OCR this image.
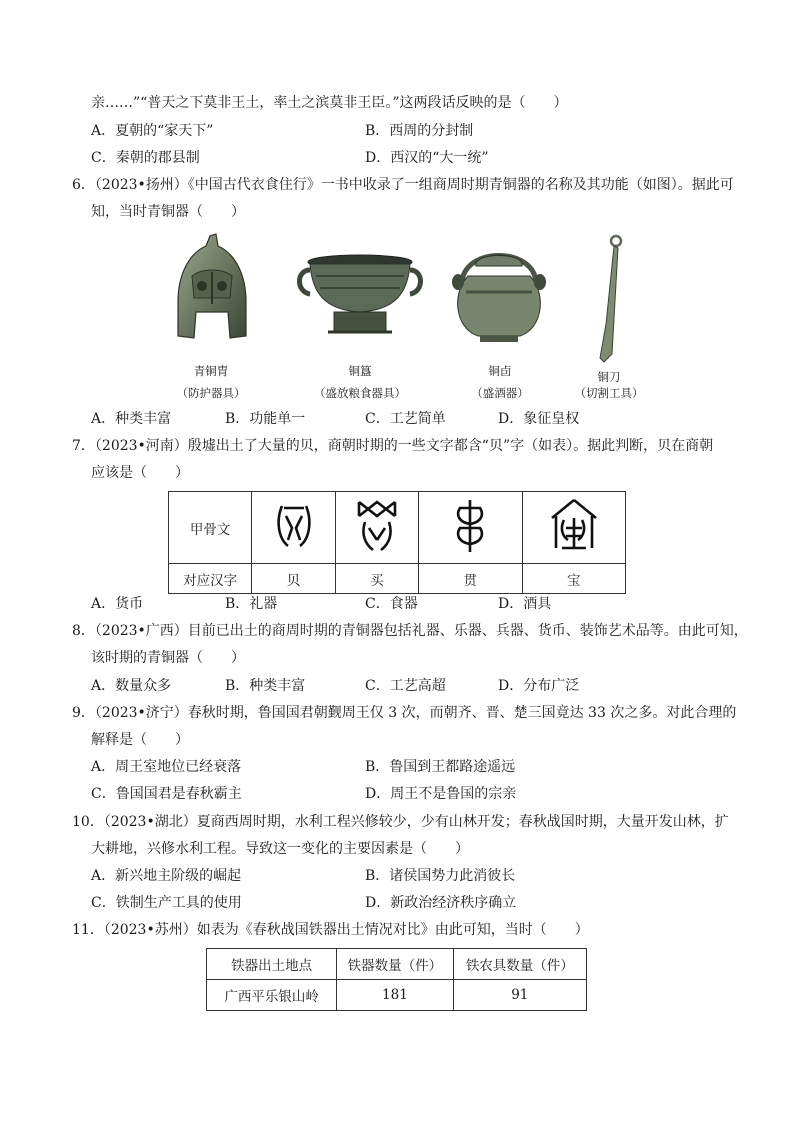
亲……”“普天之下莫非王土，率土之滨莫非王臣。”这两段话反映的是（　　）
A．夏朝的“家天下”	B．西周的分封制
C．秦朝的郡县制	D．西汉的“大一统”
6．（2023•扬州）《中国古代衣食住行》一书中收录了一组商周时期青铜器的名称及其功能（如图）。据此可
知，当时青铜器（　　）
青铜胄
（防护器具）
铜簋
（盛放粮食器具）
铜卣
（盛酒器）
铜刀
（切割工具）
A．种类丰富	B．功能单一	C．工艺简单	D．象征皇权
7．（2023•河南）殷墟出土了大量的贝，商朝时期的一些文字都含“贝”字（如表）。据此判断，贝在商朝
应该是（　　）
甲骨文				
对应汉字	贝	买	贯	宝
A．货币	B．礼器	C．食器	D．酒具
8．（2023•广西）目前已出土的商周时期的青铜器包括礼器、乐器、兵器、货币、装饰艺术品等。由此可知，
该时期的青铜器（　　）
A．数量众多	B．种类丰富	C．工艺高超	D．分布广泛
9．（2023•济宁）春秋时期，鲁国国君朝觐周王仅 3 次，而朝齐、晋、楚三国竟达 33 次之多。对此合理的
解释是（　　）
A．周王室地位已经衰落	B．鲁国到王都路途遥远
C．鲁国国君是春秋霸主	D．周王不是鲁国的宗亲
10．（2023•湖北）夏商西周时期，水利工程兴修较少，少有山林开发；春秋战国时期，大量开发山林，扩
大耕地，兴修水利工程。导致这一变化的主要因素是（　　）
A．新兴地主阶级的崛起	B．诸侯国势力此消彼长
C．铁制生产工具的使用	D．新政治经济秩序确立
11．（2023•苏州）如表为《春秋战国铁器出土情况对比》由此可知，当时（　　）
铁器出土地点	铁器数量（件）	铁农具数量（件）
广西平乐银山岭	181	91
